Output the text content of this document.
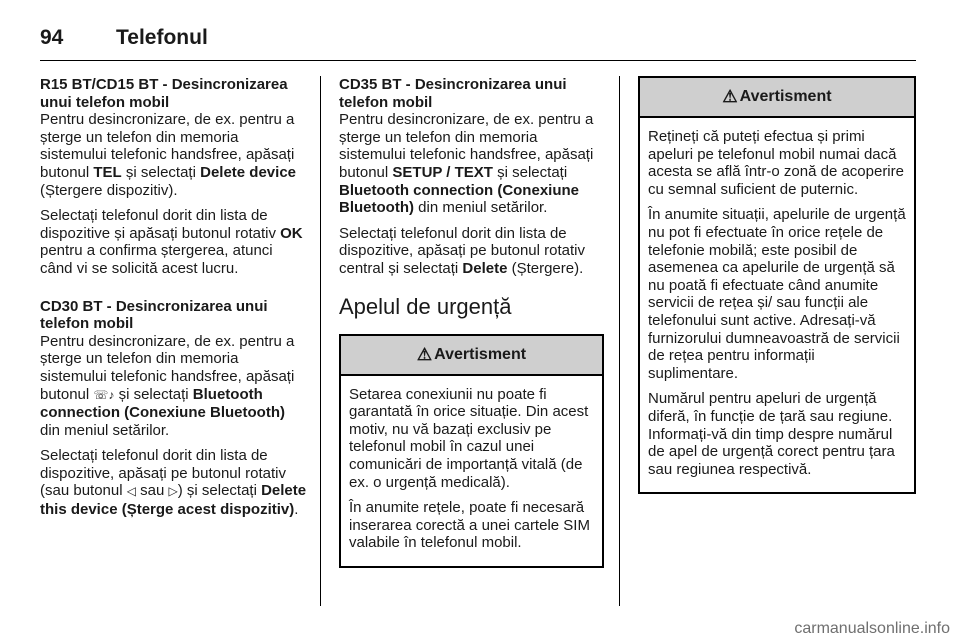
94	Telefonul

R15 BT/CD15 BT - Desincronizarea unui telefon mobil

Pentru desincronizare, de ex. pentru a șterge un telefon din memoria sistemului telefonic handsfree, apăsați butonul TEL și selectați Delete device (Ștergere dispozitiv).

Selectați telefonul dorit din lista de dispozitive și apăsați butonul rotativ OK pentru a confirma ștergerea, atunci când vi se solicită acest lucru.

CD30 BT - Desincronizarea unui telefon mobil

Pentru desincronizare, de ex. pentru a șterge un telefon din memoria sistemului telefonic handsfree, apăsați butonul ☏♪ și selectați Bluetooth connection (Conexiune Bluetooth) din meniul setărilor.

Selectați telefonul dorit din lista de dispozitive, apăsați pe butonul rotativ (sau butonul ◁ sau ▷) și selectați Delete this device (Șterge acest dispozitiv).

CD35 BT - Desincronizarea unui telefon mobil

Pentru desincronizare, de ex. pentru a șterge un telefon din memoria sistemului telefonic handsfree, apăsați butonul SETUP / TEXT și selectați Bluetooth connection (Conexiune Bluetooth) din meniul setărilor.

Selectați telefonul dorit din lista de dispozitive, apăsați pe butonul rotativ central și selectați Delete (Ștergere).

Apelul de urgență
⚠ Avertisment

Setarea conexiunii nu poate fi garantată în orice situație. Din acest motiv, nu vă bazați exclusiv pe telefonul mobil în cazul unei comunicări de importanță vitală (de ex. o urgență medicală).

În anumite rețele, poate fi necesară inserarea corectă a unei cartele SIM valabile în telefonul mobil.

⚠ Avertisment

Rețineți că puteți efectua și primi apeluri pe telefonul mobil numai dacă acesta se află într-o zonă de acoperire cu semnal suficient de puternic.

În anumite situații, apelurile de urgență nu pot fi efectuate în orice rețele de telefonie mobilă; este posibil de asemenea ca apelurile de urgență să nu poată fi efectuate când anumite servicii de rețea și/ sau funcții ale telefonului sunt active. Adresați-vă furnizorului dumneavoastră de servicii de rețea pentru informații suplimentare.

Numărul pentru apeluri de urgență diferă, în funcție de țară sau regiune. Informați-vă din timp despre numărul de apel de urgență corect pentru țara sau regiunea respectivă.

carmanualsonline.info
